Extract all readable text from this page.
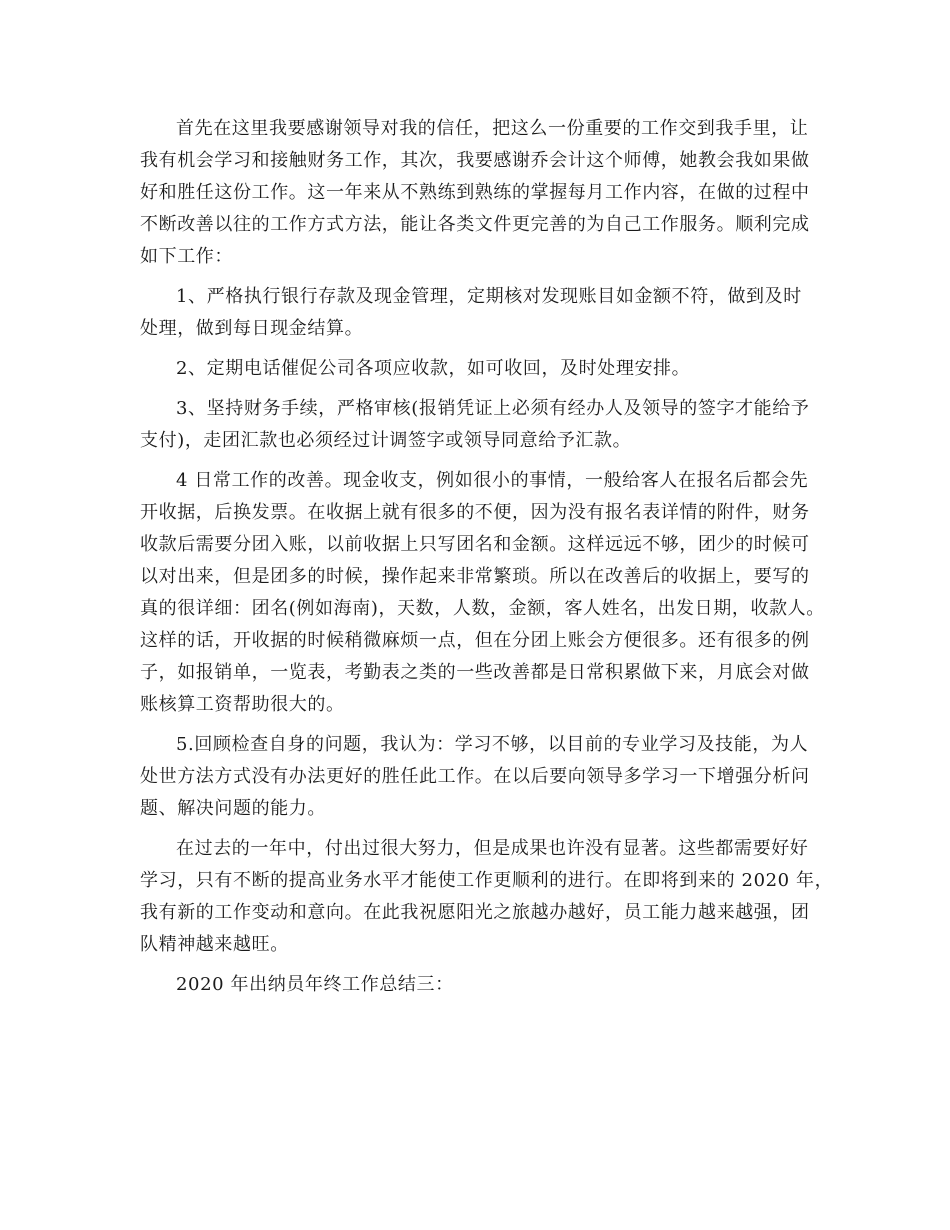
首先在这里我要感谢领导对我的信任，把这么一份重要的工作交到我手里，让
我有机会学习和接触财务工作，其次，我要感谢乔会计这个师傅，她教会我如果做
好和胜任这份工作。这一年来从不熟练到熟练的掌握每月工作内容，在做的过程中
不断改善以往的工作方式方法，能让各类文件更完善的为自己工作服务。顺利完成
如下工作：
1、严格执行银行存款及现金管理，定期核对发现账目如金额不符，做到及时
处理，做到每日现金结算。
2、定期电话催促公司各项应收款，如可收回，及时处理安排。
3、坚持财务手续，严格审核(报销凭证上必须有经办人及领导的签字才能给予
支付)，走团汇款也必须经过计调签字或领导同意给予汇款。
4 日常工作的改善。现金收支，例如很小的事情，一般给客人在报名后都会先
开收据，后换发票。在收据上就有很多的不便，因为没有报名表详情的附件，财务
收款后需要分团入账，以前收据上只写团名和金额。这样远远不够，团少的时候可
以对出来，但是团多的时候，操作起来非常繁琐。所以在改善后的收据上，要写的
真的很详细：团名(例如海南)，天数，人数，金额，客人姓名，出发日期，收款人。
这样的话，开收据的时候稍微麻烦一点，但在分团上账会方便很多。还有很多的例
子，如报销单，一览表，考勤表之类的一些改善都是日常积累做下来，月底会对做
账核算工资帮助很大的。
5.回顾检查自身的问题，我认为：学习不够，以目前的专业学习及技能，为人
处世方法方式没有办法更好的胜任此工作。在以后要向领导多学习一下增强分析问
题、解决问题的能力。
在过去的一年中，付出过很大努力，但是成果也许没有显著。这些都需要好好
学习，只有不断的提高业务水平才能使工作更顺利的进行。在即将到来的 2020 年，
我有新的工作变动和意向。在此我祝愿阳光之旅越办越好，员工能力越来越强，团
队精神越来越旺。
2020 年出纳员年终工作总结三：
